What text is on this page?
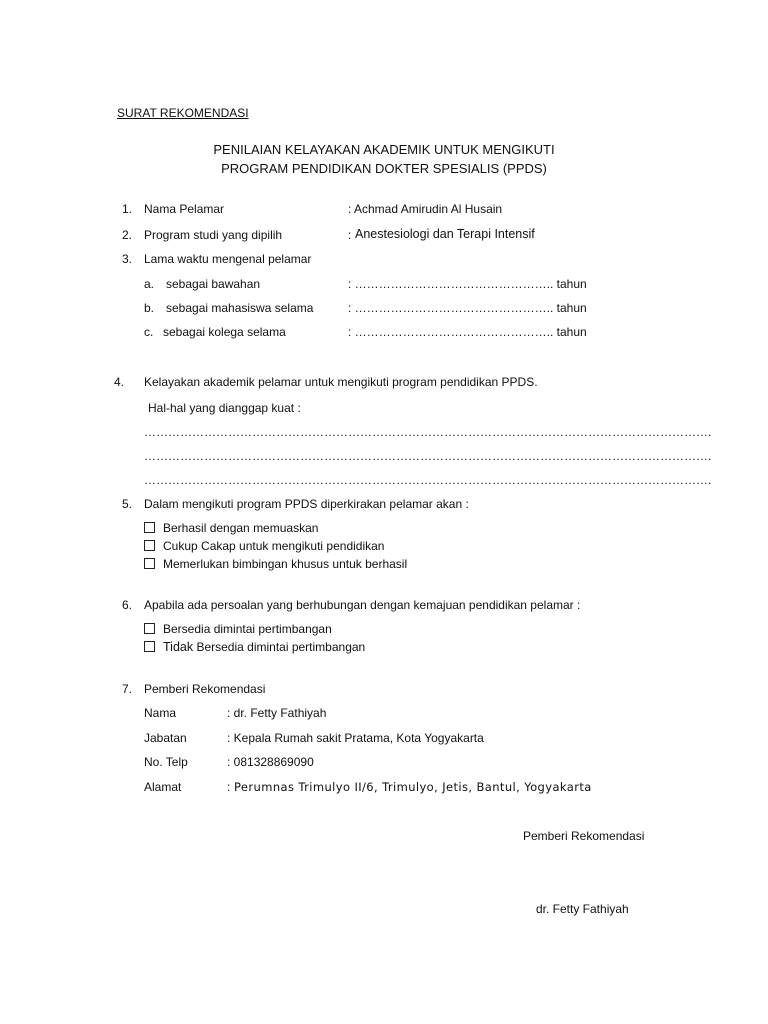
SURAT REKOMENDASI
PENILAIAN KELAYAKAN AKADEMIK UNTUK MENGIKUTI
PROGRAM PENDIDIKAN DOKTER SPESIALIS (PPDS)
1. Nama Pelamar	: Achmad Amirudin Al Husain
2. Program studi yang dipilih	: Anestesiologi dan Terapi Intensif
3. Lama waktu mengenal pelamar
a. sebagai bawahan	: ………………………………………….. tahun
b. sebagai mahasiswa selama	: ………………………………………….. tahun
c. sebagai kolega selama	: ………………………………………….. tahun
4. Kelayakan akademik pelamar untuk mengikuti program pendidikan PPDS.
Hal-hal yang dianggap kuat :
…………………………………………………………………………………………………………………………….
…………………………………………………………………………………………………………………………….
…………………………………………………………………………………………………………………………….
5. Dalam mengikuti program PPDS diperkirakan pelamar akan :
Berhasil dengan memuaskan
Cukup Cakap untuk mengikuti pendidikan
Memerlukan bimbingan khusus untuk berhasil
6. Apabila ada persoalan yang berhubungan dengan kemajuan pendidikan pelamar :
Bersedia dimintai pertimbangan
Tidak Bersedia dimintai pertimbangan
7. Pemberi Rekomendasi
Nama	: dr. Fetty Fathiyah
Jabatan	: Kepala Rumah sakit Pratama, Kota Yogyakarta
No. Telp	: 081328869090
Alamat	: Perumnas Trimulyo II/6, Trimulyo, Jetis, Bantul, Yogyakarta
Pemberi Rekomendasi
dr. Fetty Fathiyah
